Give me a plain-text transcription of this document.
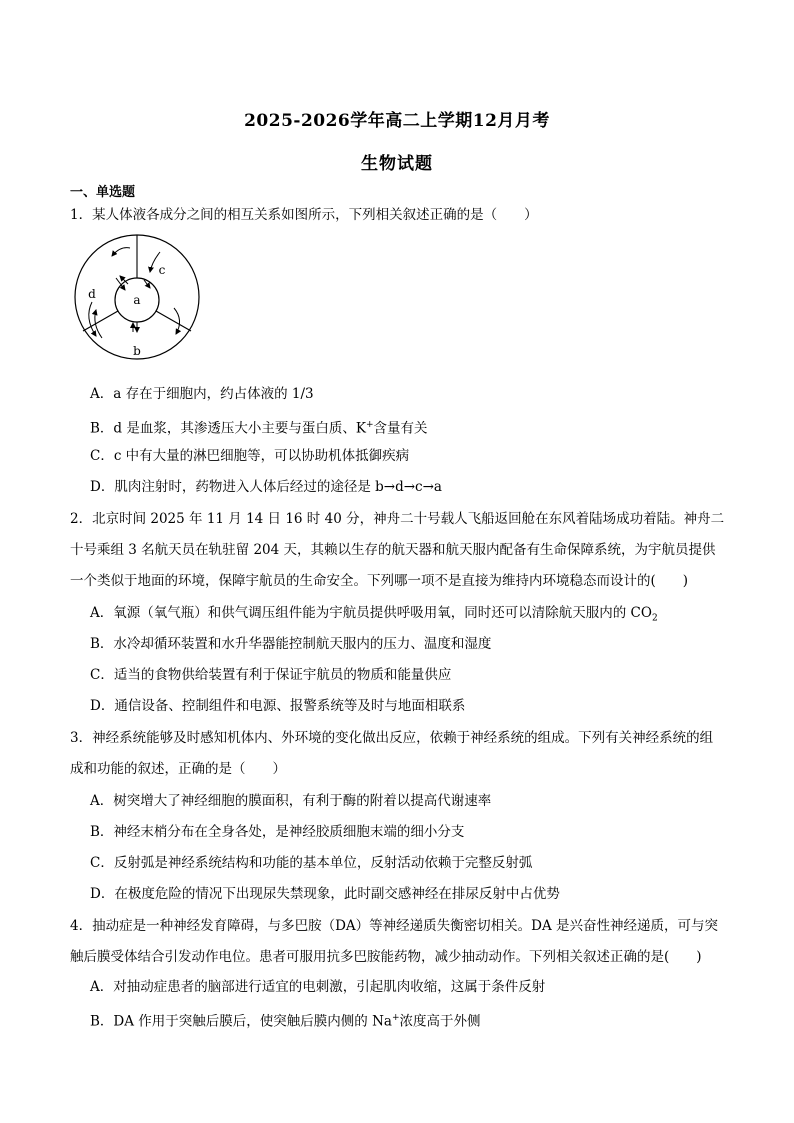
2025-2026学年高二上学期12月月考
生物试题
一、单选题
1．某人体液各成分之间的相互关系如图所示，下列相关叙述正确的是（　　）
a
c
d
b
A．a 存在于细胞内，约占体液的 1/3
B．d 是血浆，其渗透压大小主要与蛋白质、K+含量有关
C．c 中有大量的淋巴细胞等，可以协助机体抵御疾病
D．肌肉注射时，药物进入人体后经过的途径是 b→d→c→a
2．北京时间 2025 年 11 月 14 日 16 时 40 分，神舟二十号载人飞船返回舱在东风着陆场成功着陆。神舟二十号乘组 3 名航天员在轨驻留 204 天，其赖以生存的航天器和航天服内配备有生命保障系统，为宇航员提供一个类似于地面的环境，保障宇航员的生命安全。下列哪一项不是直接为维持内环境稳态而设计的(　　)
A．氧源（氧气瓶）和供气调压组件能为宇航员提供呼吸用氧，同时还可以清除航天服内的 $CO_2$
B．水冷却循环装置和水升华器能控制航天服内的压力、温度和湿度
C．适当的食物供给装置有利于保证宇航员的物质和能量供应
D．通信设备、控制组件和电源、报警系统等及时与地面相联系
3．神经系统能够及时感知机体内、外环境的变化做出反应，依赖于神经系统的组成。下列有关神经系统的组成和功能的叙述，正确的是（　　）
A．树突增大了神经细胞的膜面积，有利于酶的附着以提高代谢速率
B．神经末梢分布在全身各处，是神经胶质细胞末端的细小分支
C．反射弧是神经系统结构和功能的基本单位，反射活动依赖于完整反射弧
D．在极度危险的情况下出现尿失禁现象，此时副交感神经在排尿反射中占优势
4．抽动症是一种神经发育障碍，与多巴胺（DA）等神经递质失衡密切相关。DA 是兴奋性神经递质，可与突触后膜受体结合引发动作电位。患者可服用抗多巴胺能药物，减少抽动动作。下列相关叙述正确的是(　　)
A．对抽动症患者的脑部进行适宜的电刺激，引起肌肉收缩，这属于条件反射
B．DA 作用于突触后膜后，使突触后膜内侧的 Na+浓度高于外侧
